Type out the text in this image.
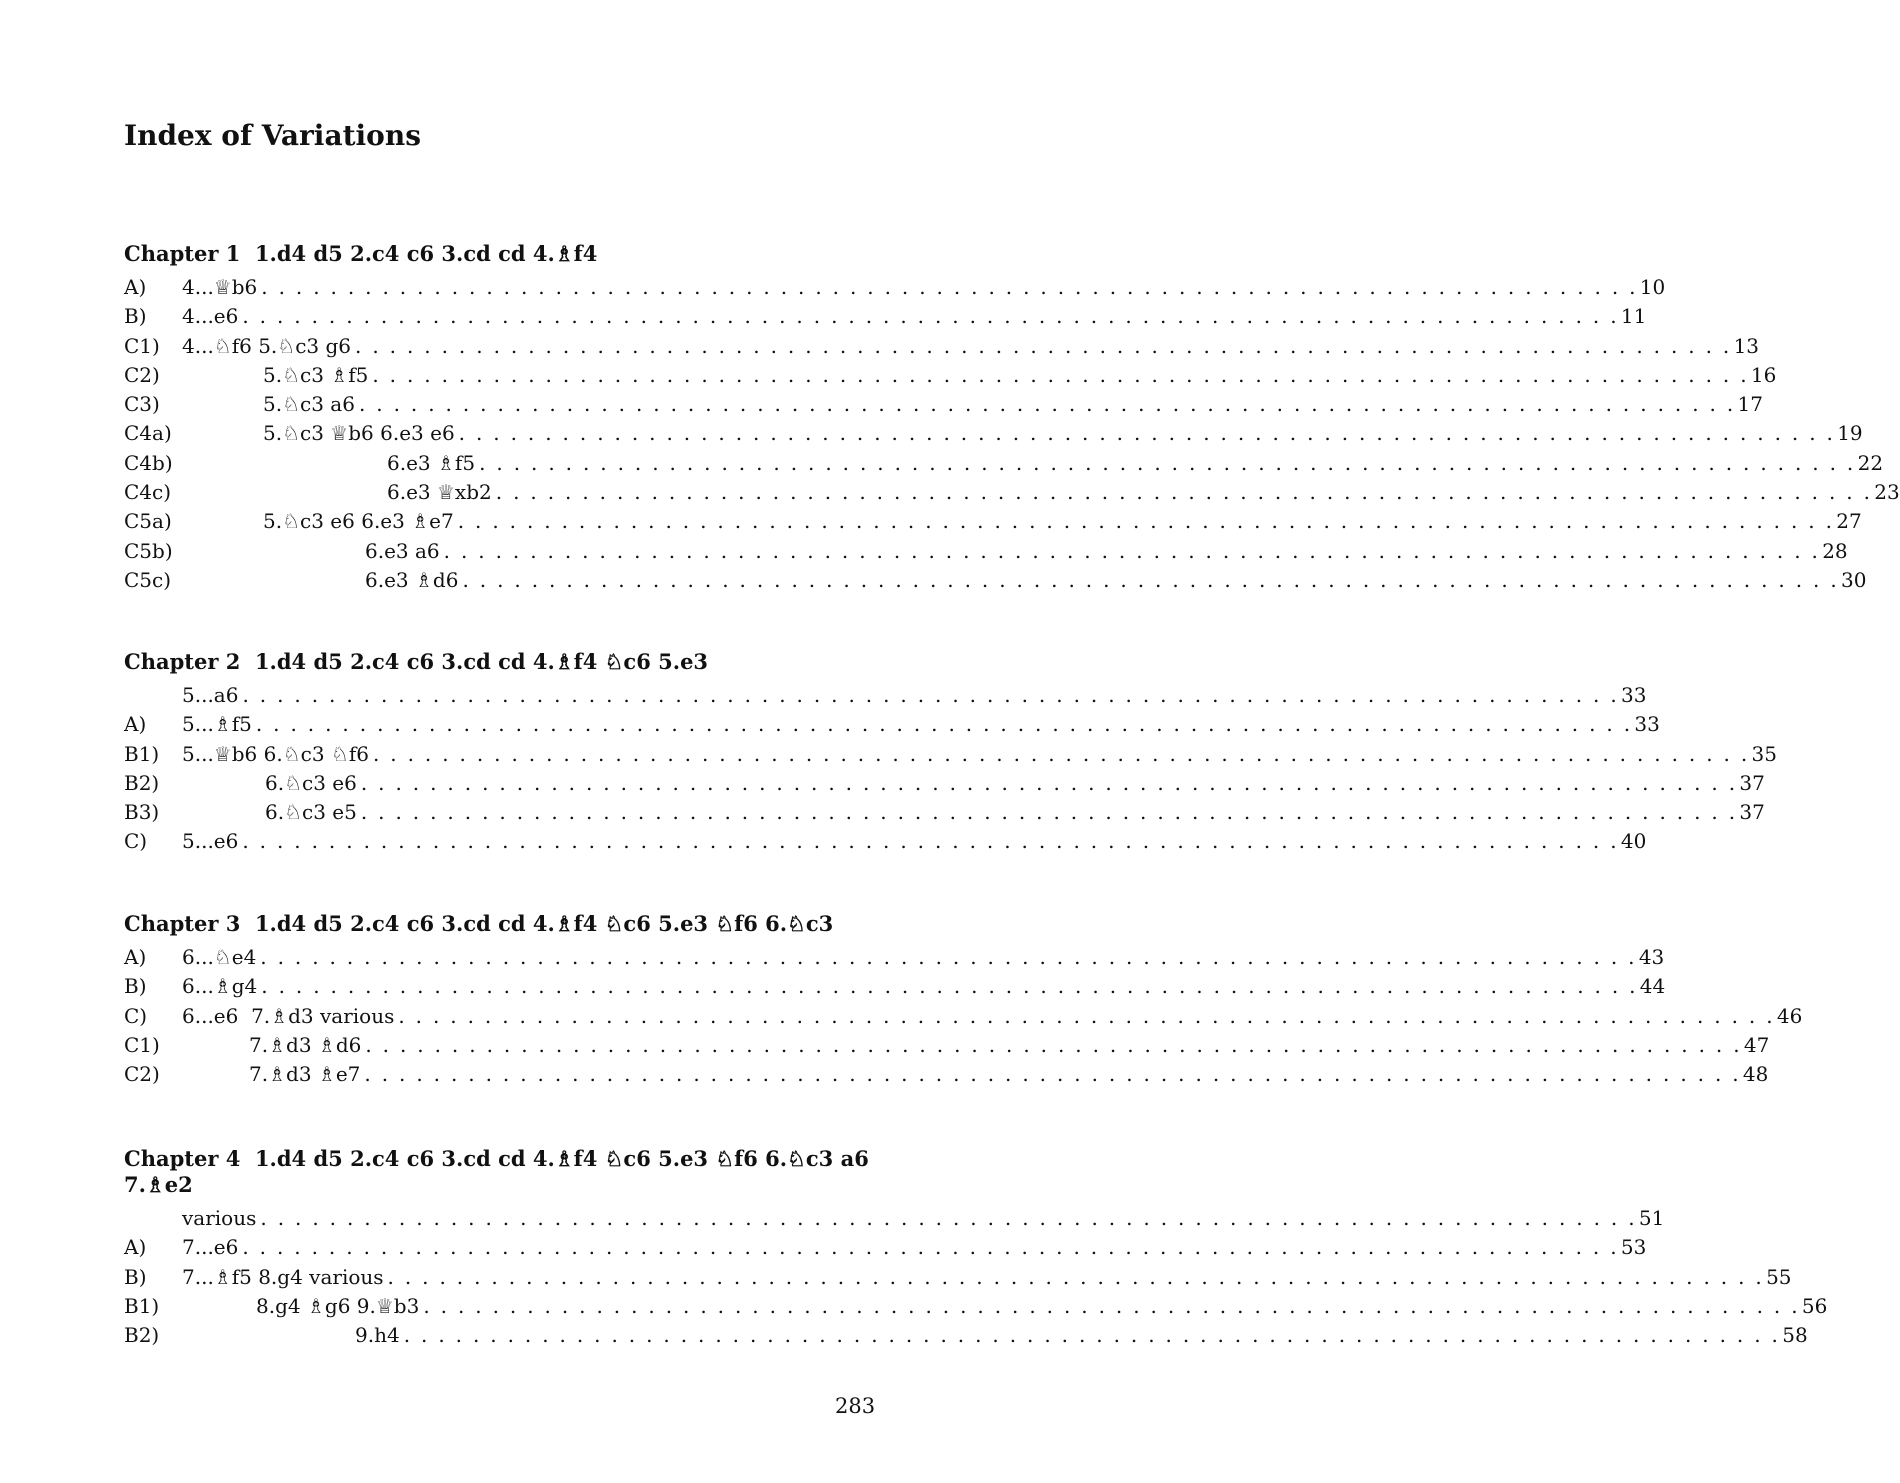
Index of Variations
Chapter 1  1.d4 d5 2.c4 c6 3.cd cd 4.♗f4
A) 4...♕b6 . . . . . . . . . . . . . . . . . . . . . . . . . . . . . . . . . . . . . . . . . . . . . . . . . . . . . . . . . . . . . . . . . . . . . . . . . . . . . . . . 10
B) 4...e6 . . . . . . . . . . . . . . . . . . . . . . . . . . . . . . . . . . . . . . . . . . . . . . . . . . . . . . . . . . . . . . . . . . . . . . . . . . . . . . . . 11
C1) 4...♘f6 5.♘c3 g6 . . . . . . . . . . . . . . . . . . . . . . . . . . . . . . . . . . . . . . . . . . . . . . . . . . . . . . . . . . . . . . . . . . . . . . . . . . . . . . . . 13
C2)	5.♘c3 ♗f5 . . . . . . . . . . . . . . . . . . . . . . . . . . . . . . . . . . . . . . . . . . . . . . . . . . . . . . . . . . . . . . . . . . . . . . . . . . . . . . . . 16
C3)	5.♘c3 a6 . . . . . . . . . . . . . . . . . . . . . . . . . . . . . . . . . . . . . . . . . . . . . . . . . . . . . . . . . . . . . . . . . . . . . . . . . . . . . . . . 17
C4a)	5.♘c3 ♕b6 6.e3 e6 . . . . . . . . . . . . . . . . . . . . . . . . . . . . . . . . . . . . . . . . . . . . . . . . . . . . . . . . . . . . . . . . . . . . . . . . . . . . . . . . 19
C4b)	6.e3 ♗f5 . . . . . . . . . . . . . . . . . . . . . . . . . . . . . . . . . . . . . . . . . . . . . . . . . . . . . . . . . . . . . . . . . . . . . . . . . . . . . . . . 22
C4c)	6.e3 ♕xb2 . . . . . . . . . . . . . . . . . . . . . . . . . . . . . . . . . . . . . . . . . . . . . . . . . . . . . . . . . . . . . . . . . . . . . . . . . . . . . . . . 23
C5a)	5.♘c3 e6 6.e3 ♗e7 . . . . . . . . . . . . . . . . . . . . . . . . . . . . . . . . . . . . . . . . . . . . . . . . . . . . . . . . . . . . . . . . . . . . . . . . . . . . . . . . 27
C5b)	6.e3 a6 . . . . . . . . . . . . . . . . . . . . . . . . . . . . . . . . . . . . . . . . . . . . . . . . . . . . . . . . . . . . . . . . . . . . . . . . . . . . . . . . 28
C5c)	6.e3 ♗d6 . . . . . . . . . . . . . . . . . . . . . . . . . . . . . . . . . . . . . . . . . . . . . . . . . . . . . . . . . . . . . . . . . . . . . . . . . . . . . . . . 30
Chapter 2  1.d4 d5 2.c4 c6 3.cd cd 4.♗f4 ♘c6 5.e3
5...a6 . . . . . . . . . . . . . . . . . . . . . . . . . . . . . . . . . . . . . . . . . . . . . . . . . . . . . . . . . . . . . . . . . . . . . . . . . . . . . . . . 33
A) 5...♗f5 . . . . . . . . . . . . . . . . . . . . . . . . . . . . . . . . . . . . . . . . . . . . . . . . . . . . . . . . . . . . . . . . . . . . . . . . . . . . . . . . 33
B1) 5...♕b6 6.♘c3 ♘f6 . . . . . . . . . . . . . . . . . . . . . . . . . . . . . . . . . . . . . . . . . . . . . . . . . . . . . . . . . . . . . . . . . . . . . . . . . . . . . . . . 35
B2)	6.♘c3 e6 . . . . . . . . . . . . . . . . . . . . . . . . . . . . . . . . . . . . . . . . . . . . . . . . . . . . . . . . . . . . . . . . . . . . . . . . . . . . . . . . 37
B3)	6.♘c3 e5 . . . . . . . . . . . . . . . . . . . . . . . . . . . . . . . . . . . . . . . . . . . . . . . . . . . . . . . . . . . . . . . . . . . . . . . . . . . . . . . . 37
C) 5...e6 . . . . . . . . . . . . . . . . . . . . . . . . . . . . . . . . . . . . . . . . . . . . . . . . . . . . . . . . . . . . . . . . . . . . . . . . . . . . . . . . 40
Chapter 3  1.d4 d5 2.c4 c6 3.cd cd 4.♗f4 ♘c6 5.e3 ♘f6 6.♘c3
A) 6...♘e4 . . . . . . . . . . . . . . . . . . . . . . . . . . . . . . . . . . . . . . . . . . . . . . . . . . . . . . . . . . . . . . . . . . . . . . . . . . . . . . . . 43
B) 6...♗g4 . . . . . . . . . . . . . . . . . . . . . . . . . . . . . . . . . . . . . . . . . . . . . . . . . . . . . . . . . . . . . . . . . . . . . . . . . . . . . . . . 44
C) 6...e6  7.♗d3 various . . . . . . . . . . . . . . . . . . . . . . . . . . . . . . . . . . . . . . . . . . . . . . . . . . . . . . . . . . . . . . . . . . . . . . . . . . . . . . . . 46
C1)	7.♗d3 ♗d6 . . . . . . . . . . . . . . . . . . . . . . . . . . . . . . . . . . . . . . . . . . . . . . . . . . . . . . . . . . . . . . . . . . . . . . . . . . . . . . . . 47
C2)	7.♗d3 ♗e7 . . . . . . . . . . . . . . . . . . . . . . . . . . . . . . . . . . . . . . . . . . . . . . . . . . . . . . . . . . . . . . . . . . . . . . . . . . . . . . . . 48
Chapter 4  1.d4 d5 2.c4 c6 3.cd cd 4.♗f4 ♘c6 5.e3 ♘f6 6.♘c3 a6 7.♗e2
various . . . . . . . . . . . . . . . . . . . . . . . . . . . . . . . . . . . . . . . . . . . . . . . . . . . . . . . . . . . . . . . . . . . . . . . . . . . . . . . . 51
A) 7...e6 . . . . . . . . . . . . . . . . . . . . . . . . . . . . . . . . . . . . . . . . . . . . . . . . . . . . . . . . . . . . . . . . . . . . . . . . . . . . . . . . 53
B) 7...♗f5 8.g4 various . . . . . . . . . . . . . . . . . . . . . . . . . . . . . . . . . . . . . . . . . . . . . . . . . . . . . . . . . . . . . . . . . . . . . . . . . . . . . . . . 55
B1)	8.g4 ♗g6 9.♕b3 . . . . . . . . . . . . . . . . . . . . . . . . . . . . . . . . . . . . . . . . . . . . . . . . . . . . . . . . . . . . . . . . . . . . . . . . . . . . . . . . 56
B2)	9.h4 . . . . . . . . . . . . . . . . . . . . . . . . . . . . . . . . . . . . . . . . . . . . . . . . . . . . . . . . . . . . . . . . . . . . . . . . . . . . . . . . 58
283
